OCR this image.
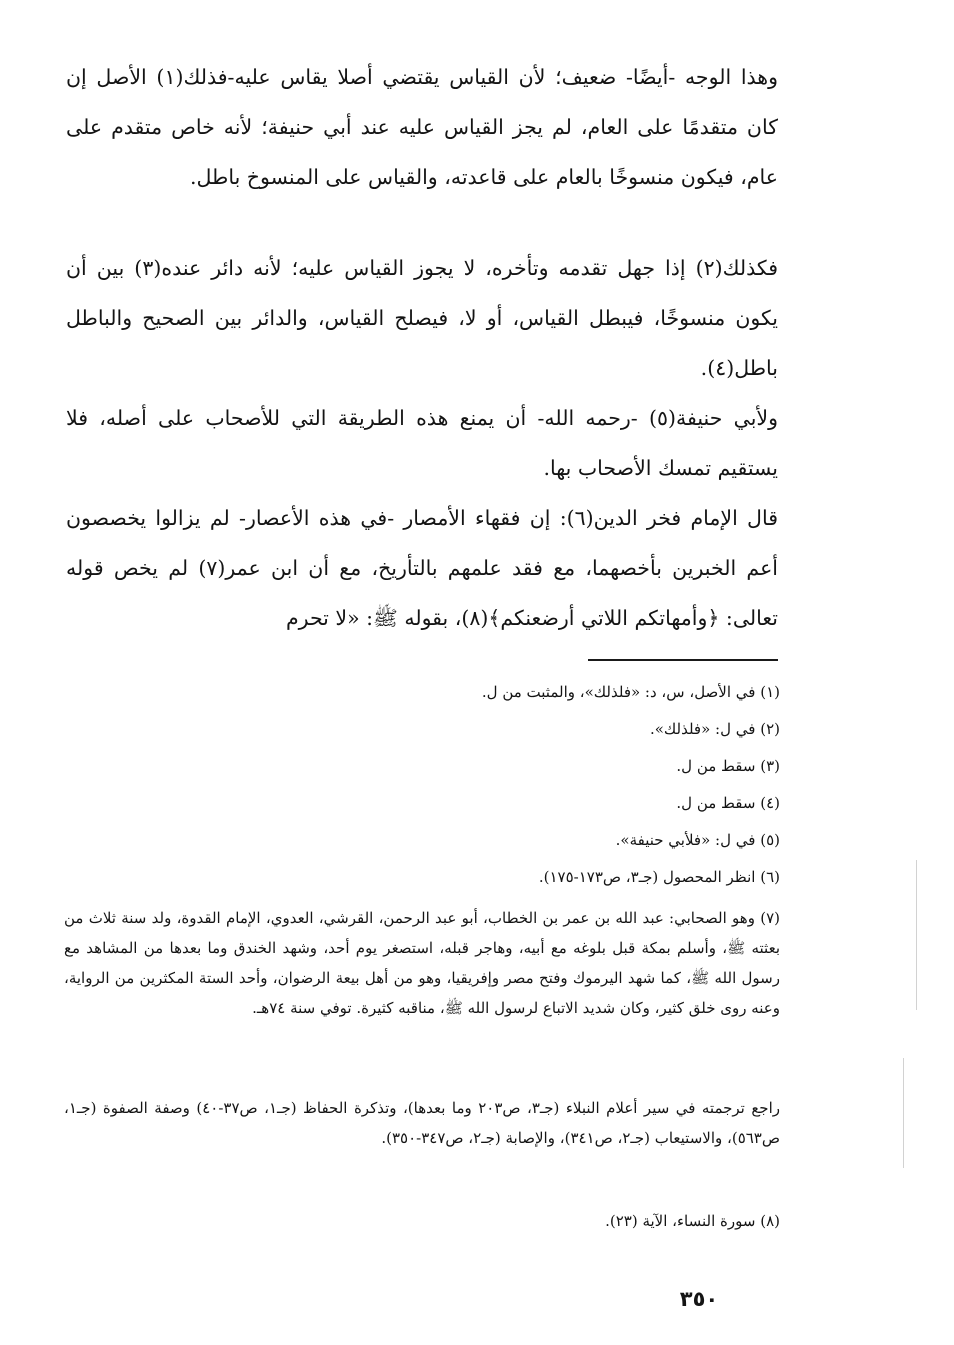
وهذا الوجه -أيضًا- ضعيف؛ لأن القياس يقتضي أصلا يقاس عليه-فذلك(١) الأصل إن كان متقدمًا على العام، لم يجز القياس عليه عند أبي حنيفة؛ لأنه خاص متقدم على عام، فيكون منسوخًا بالعام على قاعدته، والقياس على المنسوخ باطل.

فكذلك(٢) إذا جهل تقدمه وتأخره، لا يجوز القياس عليه؛ لأنه دائر عنده(٣) بين أن يكون منسوخًا، فيبطل القياس، أو لا، فيصلح القياس، والدائر بين الصحيح والباطل باطل(٤).

ولأبي حنيفة(٥) -رحمه الله- أن يمنع هذه الطريقة التي للأصحاب على أصله، فلا يستقيم تمسك الأصحاب بها.

قال الإمام فخر الدين(٦): إن فقهاء الأمصار -في هذه الأعصار- لم يزالوا يخصصون أعم الخبرين بأخصهما، مع فقد علمهم بالتأريخ، مع أن ابن عمر(٧) لم يخص قوله تعالى: ﴿وأمهاتكم اللاتي أرضعنكم﴾(٨)، بقوله ﷺ: «لا تحرم

(١) في الأصل، س، د: «فلذلك»، والمثبت من ل.

(٢) في ل: «فلذلك».

(٣) سقط من ل.

(٤) سقط من ل.

(٥) في ل: «فلأبي حنيفة».

(٦) انظر المحصول (جـ٣، ص١٧٣-١٧٥).

(٧) وهو الصحابي: عبد الله بن عمر بن الخطاب، أبو عبد الرحمن، القرشي، العدوي، الإمام القدوة، ولد سنة ثلاث من بعثته ﷺ، وأسلم بمكة قبل بلوغه مع أبيه، وهاجر قبله، استصغر يوم أحد، وشهد الخندق وما بعدها من المشاهد مع رسول الله ﷺ، كما شهد اليرموك وفتح مصر وإفريقيا، وهو من أهل بيعة الرضوان، وأحد الستة المكثرين من الرواية، وعنه روى خلق كثير، وكان شديد الاتباع لرسول الله ﷺ، مناقبه كثيرة. توفي سنة ٧٤هـ.

راجع ترجمته في سير أعلام النبلاء (جـ٣، ص٢٠٣ وما بعدها)، وتذكرة الحفاظ (جـ١، ص٣٧-٤٠) وصفة الصفوة (جـ١، ص٥٦٣)، والاستيعاب (جـ٢، ص٣٤١)، والإصابة (جـ٢، ص٣٤٧-٣٥٠).

(٨) سورة النساء، الآية (٢٣).

٣٥٠
